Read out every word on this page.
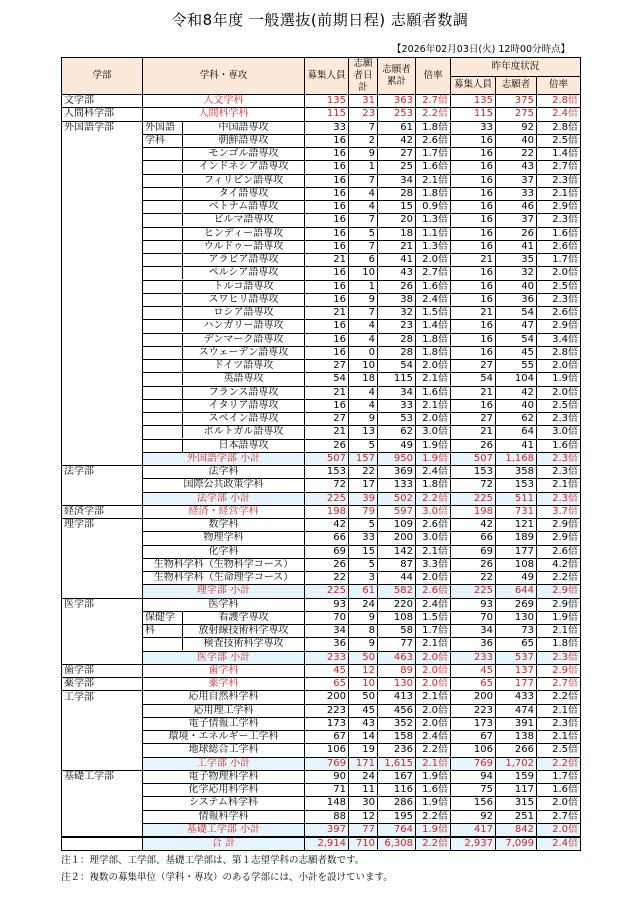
令和8年度 一般選抜(前期日程) 志願者数調
【2026年02月03日(火) 12時00分時点】
学部	学科・専攻	募集人員	志願者日計	志願者累計	倍率	昨年度状況		
						募集人員	志願者	倍率
文学部	人文学科	135	31	363	2.7倍	135	375	2.8倍
人間科学部	人間科学科	115	23	253	2.2倍	115	275	2.4倍
外国語学部	外国語 中国語専攻	33	7	61	1.8倍	33	92	2.8倍

	学科 朝鮮語専攻	16	2	42	2.6倍	16	40	2.5倍

	モンゴル語専攻	16	9	27	1.7倍	16	22	1.4倍

	インドネシア語専攻	16	1	25	1.6倍	16	43	2.7倍

	フィリピン語専攻	16	7	34	2.1倍	16	37	2.3倍

	タイ語専攻	16	4	28	1.8倍	16	33	2.1倍

	ベトナム語専攻	16	4	15	0.9倍	16	46	2.9倍

	ビルマ語専攻	16	7	20	1.3倍	16	37	2.3倍

	ヒンディー語専攻	16	5	18	1.1倍	16	26	1.6倍

	ウルドゥー語専攻	16	7	21	1.3倍	16	41	2.6倍

	アラビア語専攻	21	6	41	2.0倍	21	35	1.7倍

	ペルシア語専攻	16	10	43	2.7倍	16	32	2.0倍

	トルコ語専攻	16	1	26	1.6倍	16	40	2.5倍

	スワヒリ語専攻	16	9	38	2.4倍	16	36	2.3倍

	ロシア語専攻	21	7	32	1.5倍	21	54	2.6倍

	ハンガリー語専攻	16	4	23	1.4倍	16	47	2.9倍

	デンマーク語専攻	16	4	28	1.8倍	16	54	3.4倍

	スウェーデン語専攻	16	0	28	1.8倍	16	45	2.8倍

	ドイツ語専攻	27	10	54	2.0倍	27	55	2.0倍

	英語専攻	54	18	115	2.1倍	54	104	1.9倍

	フランス語専攻	21	4	34	1.6倍	21	42	2.0倍

	イタリア語専攻	16	4	33	2.1倍	16	40	2.5倍

	スペイン語専攻	27	9	53	2.0倍	27	62	2.3倍

	ポルトガル語専攻	21	13	62	3.0倍	21	64	3.0倍

	日本語専攻	26	5	49	1.9倍	26	41	1.6倍
	外国語学部 小計	507	157	950	1.9倍	507	1,168	2.3倍
法学部	法学科	153	22	369	2.4倍	153	358	2.3倍
	国際公共政策学科	72	17	133	1.8倍	72	153	2.1倍
	法学部 小計	225	39	502	2.2倍	225	511	2.3倍
経済学部	経済・経営学科	198	79	597	3.0倍	198	731	3.7倍
理学部	数学科	42	5	109	2.6倍	42	121	2.9倍
	物理学科	66	33	200	3.0倍	66	189	2.9倍
	化学科	69	15	142	2.1倍	69	177	2.6倍
	生物科学科（生物科学コース）	26	5	87	3.3倍	26	108	4.2倍
	生物科学科（生命理学コース）	22	3	44	2.0倍	22	49	2.2倍
	理学部 小計	225	61	582	2.6倍	225	644	2.9倍
医学部	医学科	93	24	220	2.4倍	93	269	2.9倍

	保健学 看護学専攻	70	9	108	1.5倍	70	130	1.9倍

	科 放射線技術科学専攻	34	8	58	1.7倍	34	73	2.1倍

	検査技術科学専攻	36	9	77	2.1倍	36	65	1.8倍
	医学部 小計	233	50	463	2.0倍	233	537	2.3倍
歯学部	歯学科	45	12	89	2.0倍	45	137	2.9倍
薬学部	薬学科	65	10	130	2.0倍	65	177	2.7倍
工学部	応用自然科学科	200	50	413	2.1倍	200	433	2.2倍
	応用理工学科	223	45	456	2.0倍	223	474	2.1倍
	電子情報工学科	173	43	352	2.0倍	173	391	2.3倍
	環境・エネルギー工学科	67	14	158	2.4倍	67	138	2.1倍
	地球総合工学科	106	19	236	2.2倍	106	266	2.5倍
	工学部 小計	769	171	1,615	2.1倍	769	1,702	2.2倍
基礎工学部	電子物理科学科	90	24	167	1.9倍	94	159	1.7倍
	化学応用科学科	71	11	116	1.6倍	75	117	1.6倍
	システム科学科	148	30	286	1.9倍	156	315	2.0倍
	情報科学科	88	12	195	2.2倍	92	251	2.7倍
	基礎工学部 小計	397	77	764	1.9倍	417	842	2.0倍
	合 計	2,914	710	6,308	2.2倍	2,937	7,099	2.4倍
注１：理学部、工学部、基礎工学部は、第１志望学科の志願者数です。
注２：複数の募集単位（学科・専攻）のある学部には、小計を設けています。
